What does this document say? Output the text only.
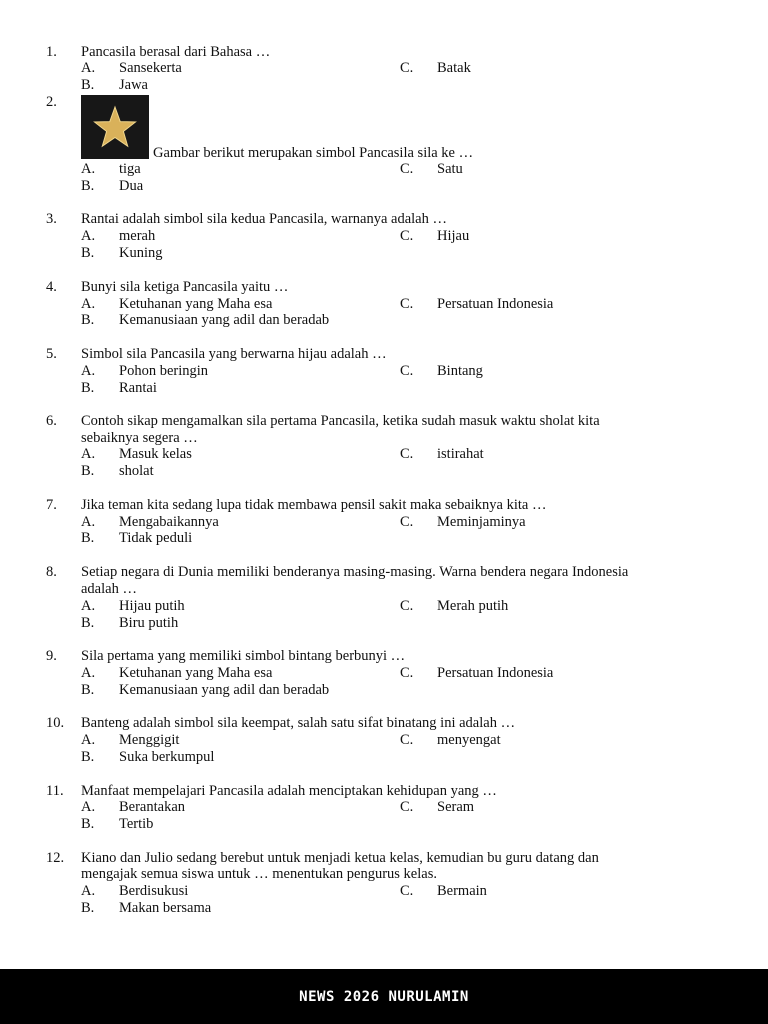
1. Pancasila berasal dari Bahasa …
A. Sansekerta	C. Batak
B. Jawa
2.
Gambar berikut merupakan simbol Pancasila sila ke …
A. tiga	C. Satu
B. Dua
3. Rantai adalah simbol sila kedua Pancasila, warnanya adalah …
A. merah	C. Hijau
B. Kuning
4. Bunyi sila ketiga Pancasila yaitu …
A. Ketuhanan yang Maha esa	C. Persatuan Indonesia
B. Kemanusiaan yang adil dan beradab
5. Simbol sila Pancasila yang berwarna hijau adalah …
A. Pohon beringin	C. Bintang
B. Rantai
6. Contoh sikap mengamalkan sila pertama Pancasila, ketika sudah masuk waktu sholat kita
sebaiknya segera …
A. Masuk kelas	C. istirahat
B. sholat
7. Jika teman kita sedang lupa tidak membawa pensil sakit maka sebaiknya kita …
A. Mengabaikannya	C. Meminjaminya
B. Tidak peduli
8. Setiap negara di Dunia memiliki benderanya masing-masing. Warna bendera negara Indonesia
adalah …
A. Hijau putih	C. Merah putih
B. Biru putih
9. Sila pertama yang memiliki simbol bintang berbunyi …
A. Ketuhanan yang Maha esa	C. Persatuan Indonesia
B. Kemanusiaan yang adil dan beradab
10. Banteng adalah simbol sila keempat, salah satu sifat binatang ini adalah …
A. Menggigit	C. menyengat
B. Suka berkumpul
11. Manfaat mempelajari Pancasila adalah menciptakan kehidupan yang …
A. Berantakan	C. Seram
B. Tertib
12. Kiano dan Julio sedang berebut untuk menjadi ketua kelas, kemudian bu guru datang dan
mengajak semua siswa untuk … menentukan pengurus kelas.
A. Berdisukusi	C. Bermain
B. Makan bersama
NEWS 2026 NURULAMIN
